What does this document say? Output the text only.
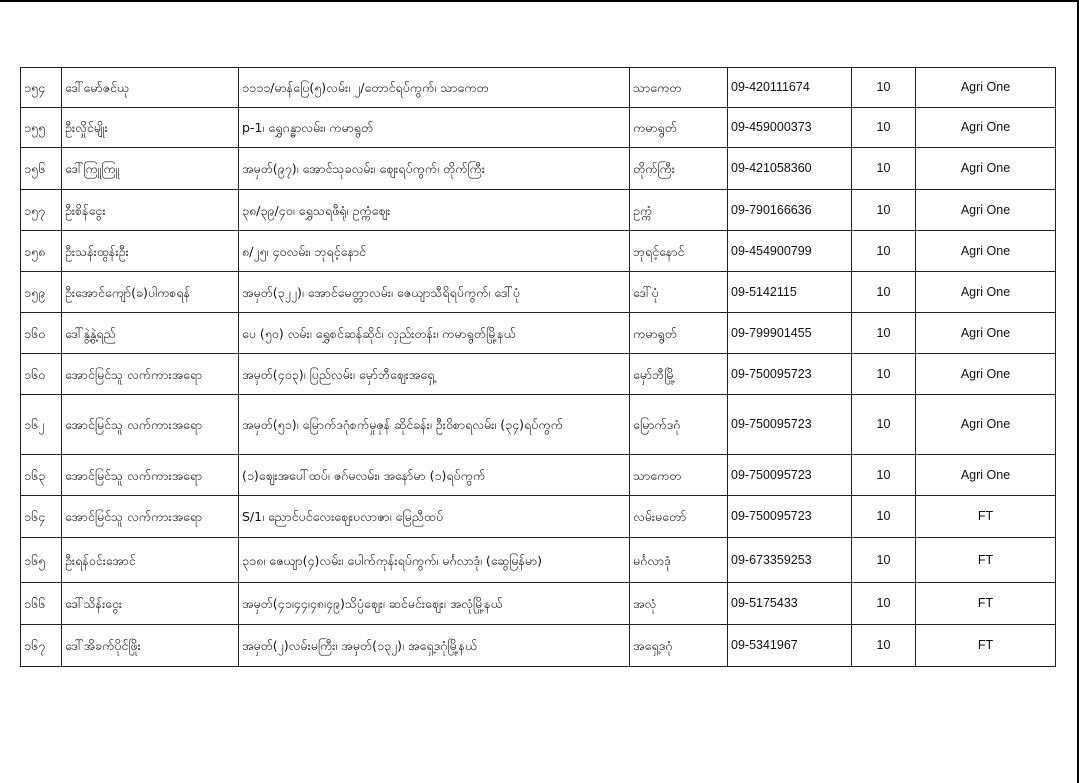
၁၅၄	ဒေါ်မော်ဇင်ယု	၁၁၁၁/မာန်ပြေ(၅)လမ်း၊ ၂/တောင်ရပ်ကွက်၊ သာကေတ	သာကေတ	09-420111674	10	Agri One
၁၅၅	ဦးလှိုင်မျိုး	p-1၊ ရွှေဂန္ဓာလမ်း၊ ကမာရွတ်	ကမာရွတ်	09-459000373	10	Agri One
၁၅၆	ဒေါ်ကြူကြူ	အမှတ်(၉၇)၊ အောင်သုခလမ်း၊ ဈေးရပ်ကွက်၊ တိုက်ကြီး	တိုက်ကြီး	09-421058360	10	Agri One
၁၅၇	ဦးစိန်ငွေး	၃၈/၃၉/၄၀၊ ရွှေသရဖီရုံ၊ ဥက္ကံဈေး	ဥက္ကံ	09-790166636	10	Agri One
၁၅၈	ဦးသန်းထွန်းဦး	၈/၂၅၊ ၄ဝလမ်း၊ ဘုရင့်နောင်	ဘုရင့်နောင်	09-454900799	10	Agri One
၁၅၉	ဦးအောင်ကျော်(ခ)ပါကစရန်	အမှတ်(၃၂၂)၊ အောင်မေတ္တာလမ်း၊ ဇေယျာသီရိရပ်ကွက်၊ ဒေါ်ပုံ	ဒေါ်ပုံ	09-5142115	10	Agri One
၁၆၀	ဒေါ်နွဲ့နွဲ့ရည်	ပေ (၅၀) လမ်း၊ ရွှေစင်ဆန်ဆိုင်၊ လှည်းတန်း၊ ကမာရွတ်မြို့နယ်	ကမာရွတ်	09-799901455	10	Agri One
၁၆၀	အောင်မြင်သူ လက်ကားအရော	အမှတ်(၄၀၃)၊ ပြည်လမ်း၊ မှော်ဘီဈေးအရှေ့	မှော်ဘီမြို့	09-750095723	10	Agri One
၁၆၂	အောင်မြင်သူ လက်ကားအရော	အမှတ်(၅၁)၊ မြောက်ဒဂုံစက်မှုဇုန် ဆိုင်ခန်း၊ ဦးဝိစာရလမ်း၊ (၃၄)ရပ်ကွက်	မြောက်ဒဂုံ	09-750095723	10	Agri One
၁၆၃	အောင်မြင်သူ လက်ကားအရော	(၁)ဈေးအပေါ်ထပ်၊ ဇဂ်မလမ်း၊ အနော်မာ (၁)ရပ်ကွက်	သာကေတ	09-750095723	10	Agri One
၁၆၄	အောင်မြင်သူ လက်ကားအရော	S/1၊ ညောင်ပင်လေးဈေးပလာဇာ၊ မြေညီထပ်	လမ်းမတော်	09-750095723	10	FT
၁၆၅	ဦးရန်ဝင်းအောင်	၃၁၈၊ ဇေယျာ(၄)လမ်း၊ ပေါက်ကုန်းရပ်ကွက်၊ မင်္ဂလာဒုံ၊ (ဆွေမြန်မာ)	မင်္ဂလာဒုံ	09-673359253	10	FT
၁၆၆	ဒေါ်သိန်းငွေး	အမှတ်(၄၁၊၄၄၊၄၈၊၄၉)သိပ္ပံဈေး၊ ဆင်မင်းဈေး၊ အလုံမြို့နယ်	အလုံ	09-5175433	10	FT
၁၆၇	ဒေါ်အိခက်ပိုင်ဖြိုး	အမှတ်(၂)လမ်းမကြီး၊ အမှတ်(၁၃၂)၊ အရှေ့ဒဂုံမြို့နယ်	အရှေ့ဒဂုံ	09-5341967	10	FT
